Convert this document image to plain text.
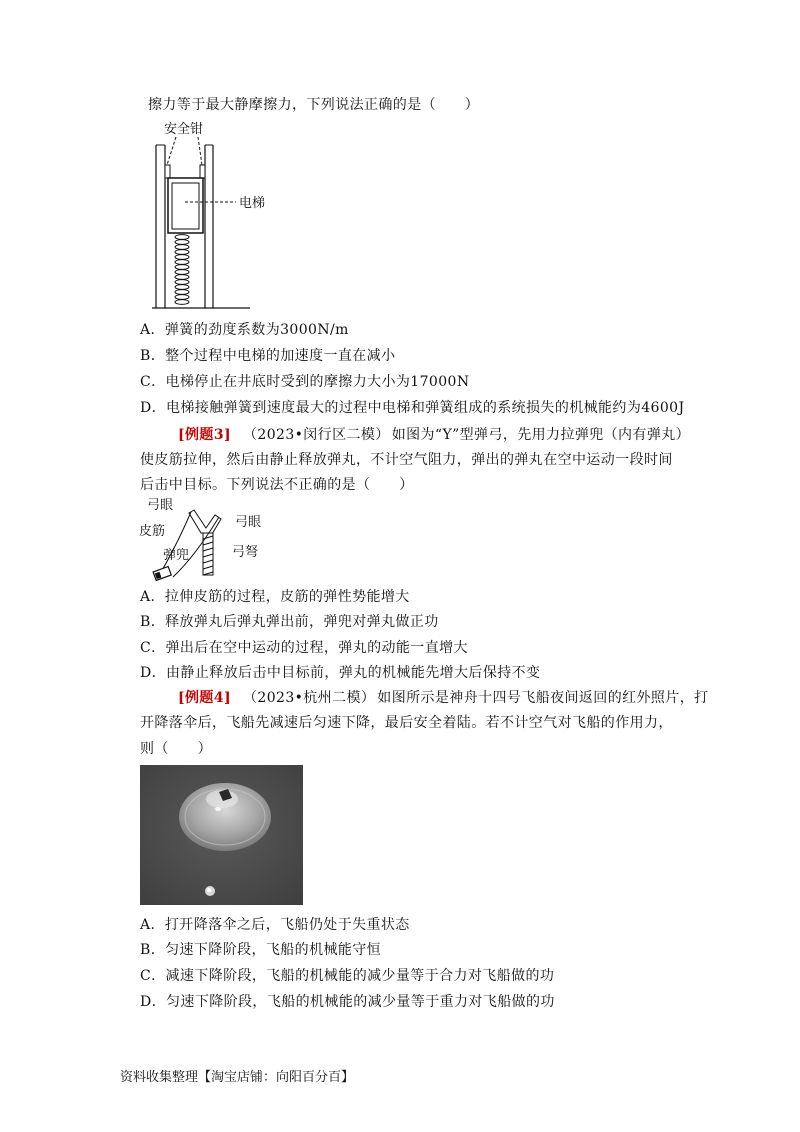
擦力等于最大静摩擦力，下列说法正确的是（　　）
安全钳
电梯
A．弹簧的劲度系数为3000N/m
B．整个过程中电梯的加速度一直在减小
C．电梯停止在井底时受到的摩擦力大小为17000N
D．电梯接触弹簧到速度最大的过程中电梯和弹簧组成的系统损失的机械能约为4600J
[例题3] （2023•闵行区二模） 如图为“Y”型弹弓，先用力拉弹兜（内有弹丸）
使皮筋拉伸，然后由静止释放弹丸，不计空气阻力，弹出的弹丸在空中运动一段时间
后击中目标。下列说法不正确的是（　　）
弓眼
皮筋
弓眼
弓弩
弹兜
A．拉伸皮筋的过程，皮筋的弹性势能增大
B．释放弹丸后弹丸弹出前，弹兜对弹丸做正功
C．弹出后在空中运动的过程，弹丸的动能一直增大
D．由静止释放后击中目标前，弹丸的机械能先增大后保持不变
[例题4] （2023•杭州二模） 如图所示是神舟十四号飞船夜间返回的红外照片，打
开降落伞后，飞船先减速后匀速下降，最后安全着陆。若不计空气对飞船的作用力，
则（　　）
A．打开降落伞之后，飞船仍处于失重状态
B．匀速下降阶段，飞船的机械能守恒
C．减速下降阶段，飞船的机械能的减少量等于合力对飞船做的功
D．匀速下降阶段，飞船的机械能的减少量等于重力对飞船做的功
资料收集整理【淘宝店铺：向阳百分百】
